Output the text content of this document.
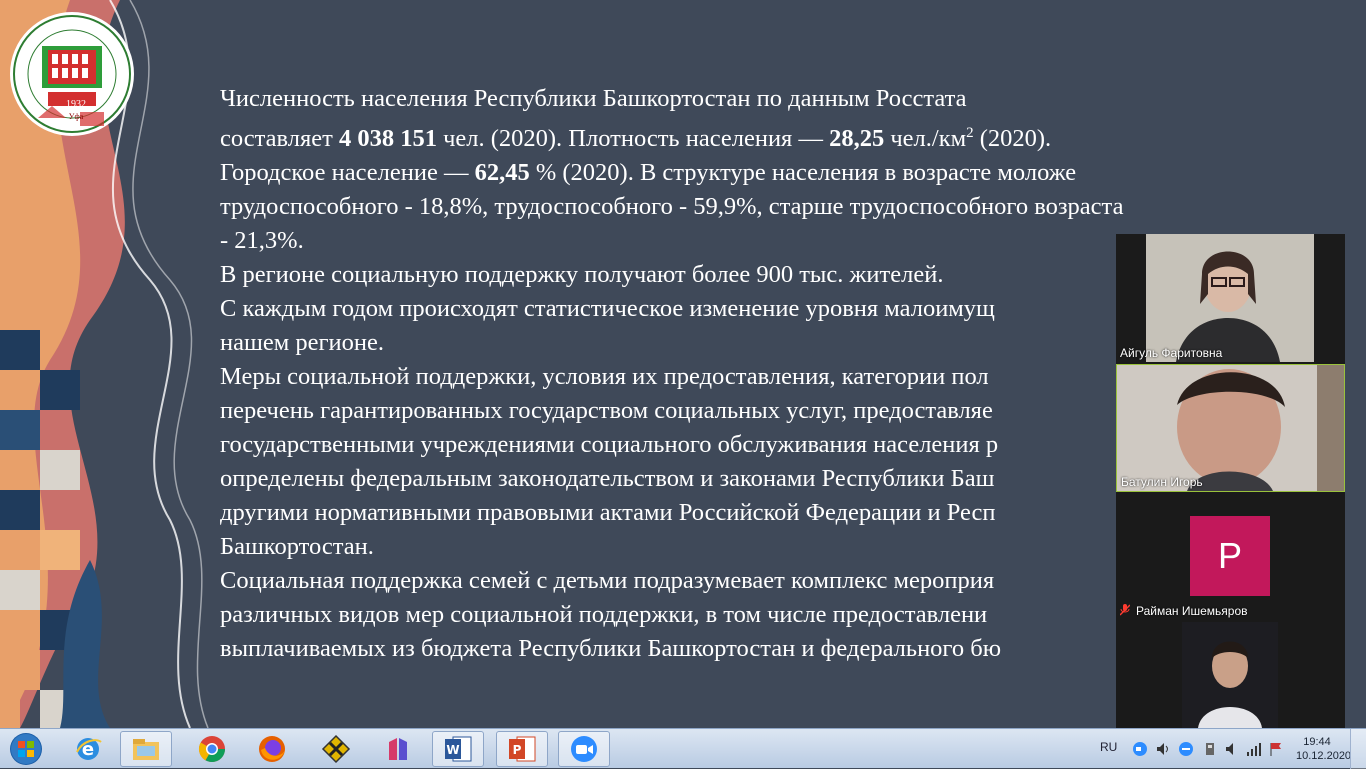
1932
Уфа

Численность населения Республики Башкортостан по данным Росстата

составляет 4 038 151 чел. (2020). Плотность населения — 28,25 $чел./км^2$ (2020).

Городское население — 62,45 % (2020). В структуре населения в возрасте моложе

трудоспособного - 18,8%, трудоспособного - 59,9%, старше трудоспособного возраста

- 21,3%.

В регионе социальную поддержку получают более 900 тыс. жителей.

С каждым годом происходят статистическое изменение уровня малоимущ

нашем регионе.

Меры социальной поддержки, условия их предоставления, категории пол

перечень гарантированных государством социальных услуг, предоставляе

государственными учреждениями социального обслуживания населения р

определены федеральным законодательством и законами Республики Баш

другими нормативными правовыми актами Российской Федерации и Респ

Башкортостан.

Социальная поддержка семей с детьми подразумевает комплекс мероприя

различных видов мер социальной поддержки, в том числе предоставлени

выплачиваемых из бюджета Республики Башкортостан и федерального бю

Айгуль Фаритовна
Батулин Игорь
Р
Райман Ишемьяров
e	W	P	RU	19:44
10.12.2020
